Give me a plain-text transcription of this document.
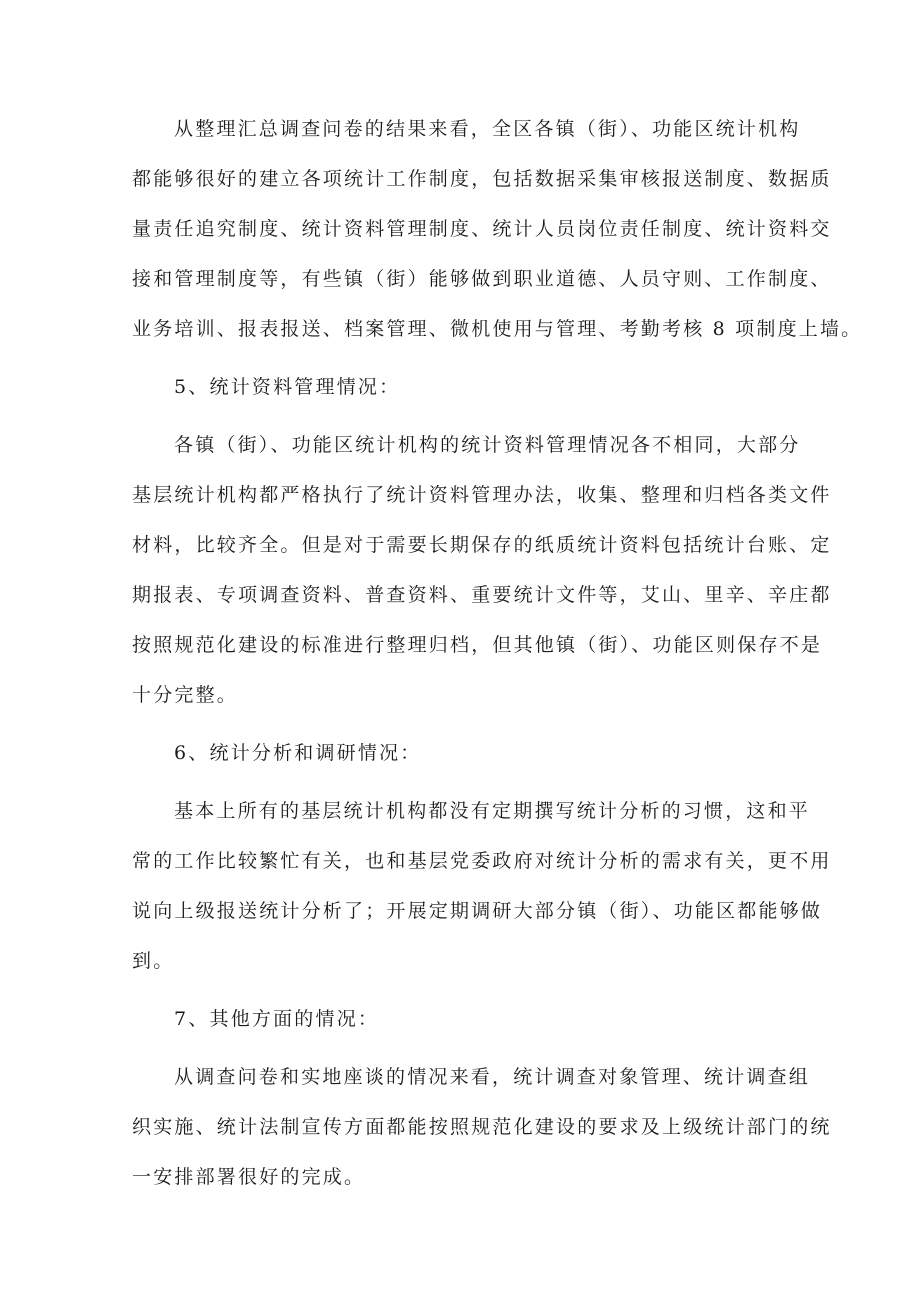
从整理汇总调查问卷的结果来看，全区各镇（街）、功能区统计机构

都能够很好的建立各项统计工作制度，包括数据采集审核报送制度、数据质

量责任追究制度、统计资料管理制度、统计人员岗位责任制度、统计资料交

接和管理制度等，有些镇（街）能够做到职业道德、人员守则、工作制度、

业务培训、报表报送、档案管理、微机使用与管理、考勤考核 8 项制度上墙。

5、统计资料管理情况：

各镇（街）、功能区统计机构的统计资料管理情况各不相同，大部分

基层统计机构都严格执行了统计资料管理办法，收集、整理和归档各类文件

材料，比较齐全。但是对于需要长期保存的纸质统计资料包括统计台账、定

期报表、专项调查资料、普查资料、重要统计文件等，艾山、里辛、辛庄都

按照规范化建设的标准进行整理归档，但其他镇（街）、功能区则保存不是

十分完整。

6、统计分析和调研情况：

基本上所有的基层统计机构都没有定期撰写统计分析的习惯，这和平

常的工作比较繁忙有关，也和基层党委政府对统计分析的需求有关，更不用

说向上级报送统计分析了；开展定期调研大部分镇（街）、功能区都能够做

到。

7、其他方面的情况：

从调查问卷和实地座谈的情况来看，统计调查对象管理、统计调查组

织实施、统计法制宣传方面都能按照规范化建设的要求及上级统计部门的统

一安排部署很好的完成。
